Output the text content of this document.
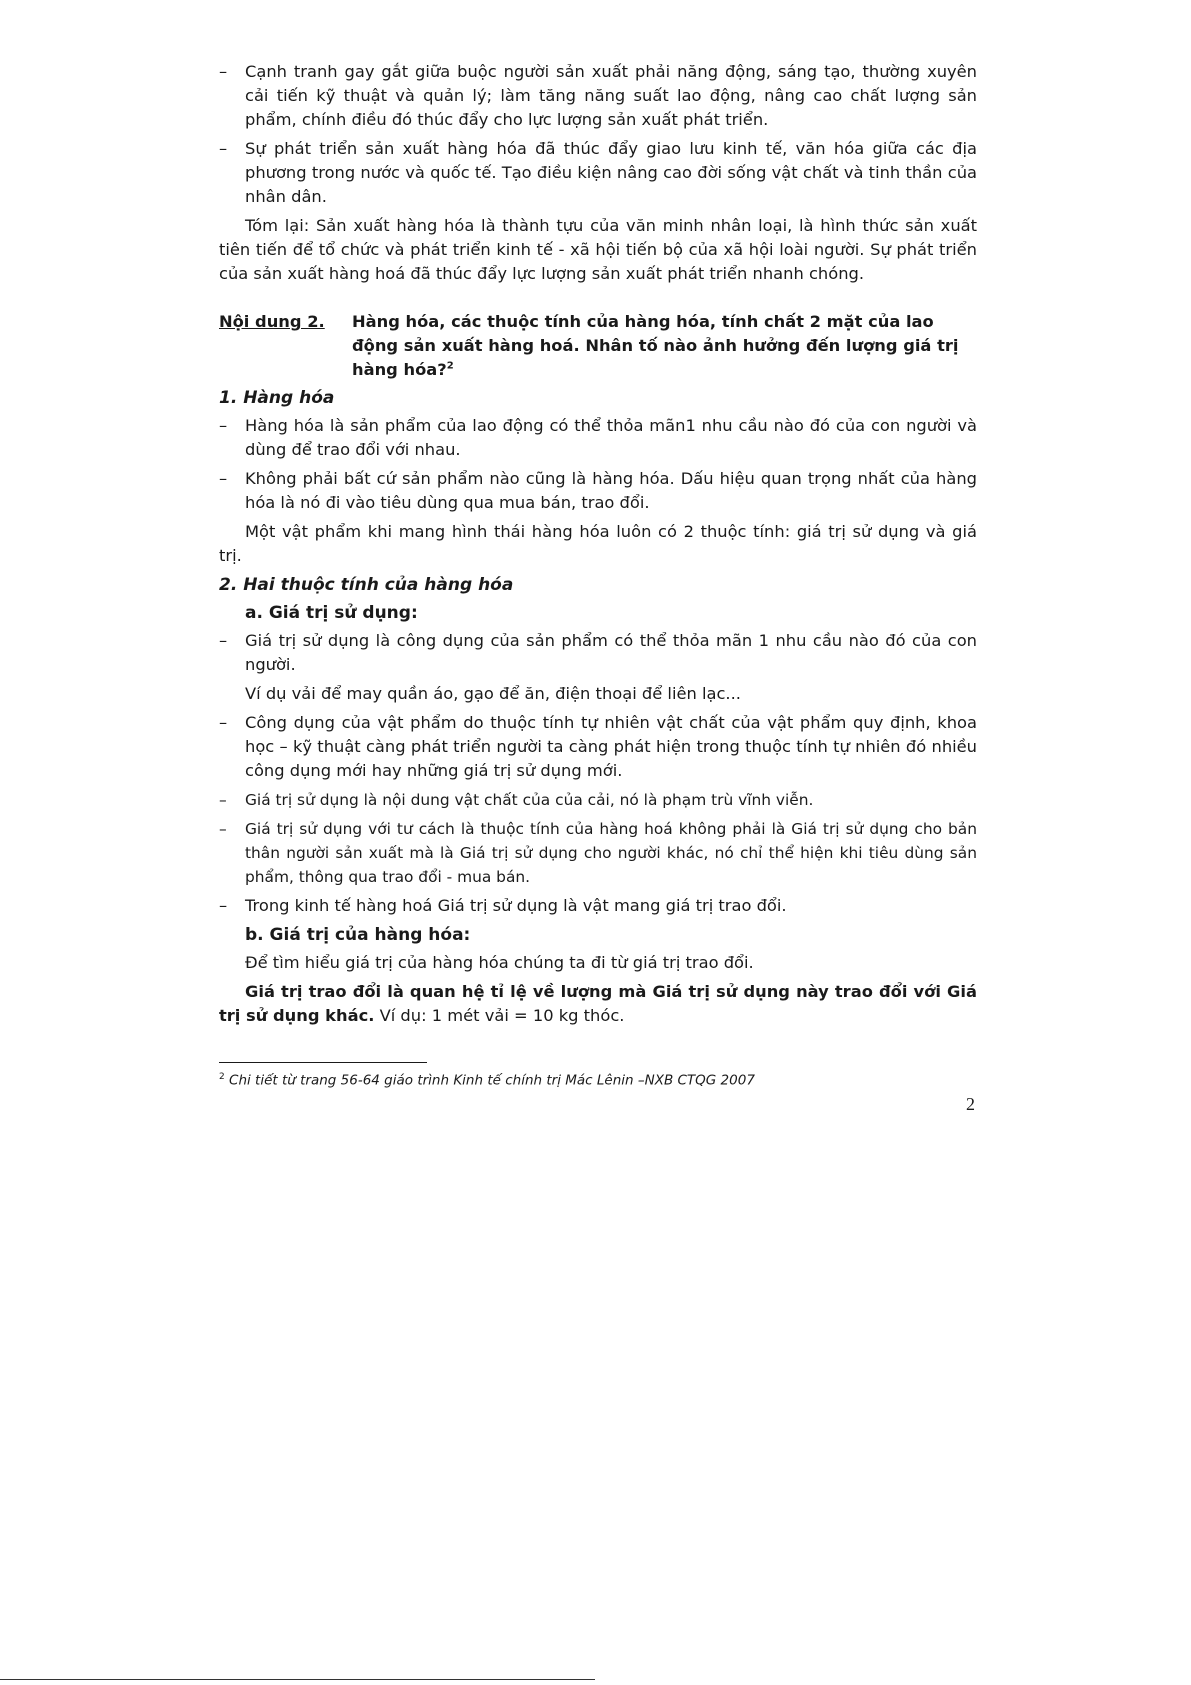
– Cạnh tranh gay gắt giữa buộc người sản xuất phải năng động, sáng tạo, thường xuyên cải tiến kỹ thuật và quản lý; làm tăng năng suất lao động, nâng cao chất lượng sản phẩm, chính điều đó thúc đẩy cho lực lượng sản xuất phát triển.

– Sự phát triển sản xuất hàng hóa đã thúc đẩy giao lưu kinh tế, văn hóa giữa các địa phương trong nước và quốc tế. Tạo điều kiện nâng cao đời sống vật chất và tinh thần của nhân dân.

Tóm lại: Sản xuất hàng hóa là thành tựu của văn minh nhân loại, là hình thức sản xuất tiên tiến để tổ chức và phát triển kinh tế - xã hội tiến bộ của xã hội loài người. Sự phát triển của sản xuất hàng hoá đã thúc đẩy lực lượng sản xuất phát triển nhanh chóng.

Nội dung 2. Hàng hóa, các thuộc tính của hàng hóa, tính chất 2 mặt của lao động sản xuất hàng hoá. Nhân tố nào ảnh hưởng đến lượng giá trị hàng hóa?$^2$

1. Hàng hóa

– Hàng hóa là sản phẩm của lao động có thể thỏa mãn1 nhu cầu nào đó của con người và dùng để trao đổi với nhau.

– Không phải bất cứ sản phẩm nào cũng là hàng hóa. Dấu hiệu quan trọng nhất của hàng hóa là nó đi vào tiêu dùng qua mua bán, trao đổi.

Một vật phẩm khi mang hình thái hàng hóa luôn có 2 thuộc tính: giá trị sử dụng và giá trị.

2. Hai thuộc tính của hàng hóa

a. Giá trị sử dụng:

– Giá trị sử dụng là công dụng của sản phẩm có thể thỏa mãn 1 nhu cầu nào đó của con người.

Ví dụ vải để may quần áo, gạo để ăn, điện thoại để liên lạc...

– Công dụng của vật phẩm do thuộc tính tự nhiên vật chất của vật phẩm quy định, khoa học – kỹ thuật càng phát triển người ta càng phát hiện trong thuộc tính tự nhiên đó nhiều công dụng mới hay những giá trị sử dụng mới.

– Giá trị sử dụng là nội dung vật chất của của cải, nó là phạm trù vĩnh viễn.

– Giá trị sử dụng với tư cách là thuộc tính của hàng hoá không phải là Giá trị sử dụng cho bản thân người sản xuất mà là Giá trị sử dụng cho người khác, nó chỉ thể hiện khi tiêu dùng sản phẩm, thông qua trao đổi - mua bán.

– Trong kinh tế hàng hoá Giá trị sử dụng là vật mang giá trị trao đổi.

b. Giá trị của hàng hóa:

Để tìm hiểu giá trị của hàng hóa chúng ta đi từ giá trị trao đổi.

Giá trị trao đổi là quan hệ tỉ lệ về lượng mà Giá trị sử dụng này trao đổi với Giá trị sử dụng khác. Ví dụ: 1 mét vải = 10 kg thóc.

$^2$ Chi tiết từ trang 56-64 giáo trình Kinh tế chính trị Mác Lênin –NXB CTQG 2007
2
